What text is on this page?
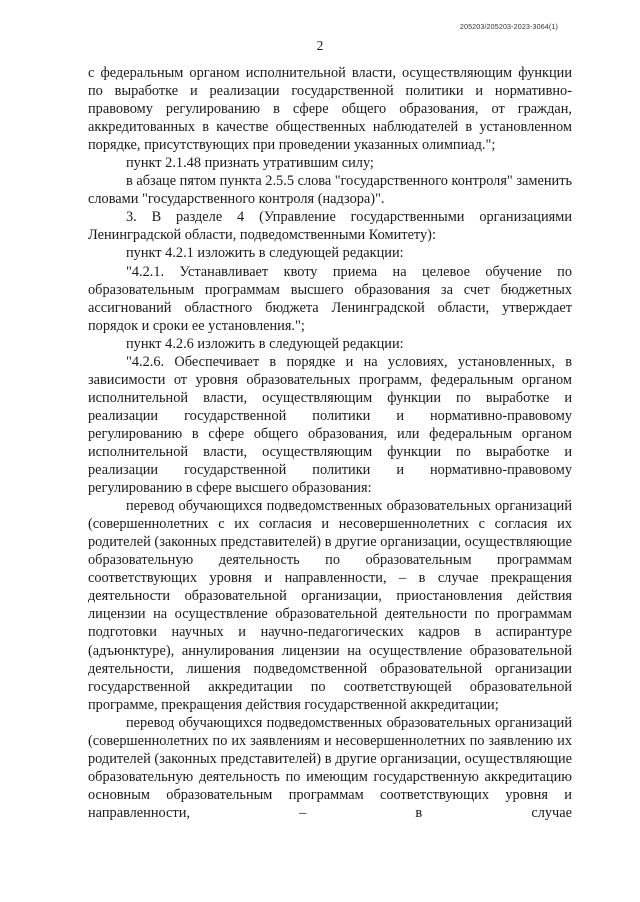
205203/205203-2023-3064(1)
2

с федеральным органом исполнительной власти, осуществляющим функции по выработке и реализации государственной политики и нормативно-правовому регулированию в сфере общего образования, от граждан, аккредитованных в качестве общественных наблюдателей в установленном порядке, присутствующих при проведении указанных олимпиад.";

пункт 2.1.48 признать утратившим силу;

в абзаце пятом пункта 2.5.5 слова "государственного контроля" заменить словами "государственного контроля (надзора)".

3. В разделе 4 (Управление государственными организациями Ленинградской области, подведомственными Комитету):

пункт 4.2.1 изложить в следующей редакции:

"4.2.1. Устанавливает квоту приема на целевое обучение по образовательным программам высшего образования за счет бюджетных ассигнований областного бюджета Ленинградской области, утверждает порядок и сроки ее установления.";

пункт 4.2.6 изложить в следующей редакции:

"4.2.6. Обеспечивает в порядке и на условиях, установленных, в зависимости от уровня образовательных программ, федеральным органом исполнительной власти, осуществляющим функции по выработке и реализации государственной политики и нормативно-правовому регулированию в сфере общего образования, или федеральным органом исполнительной власти, осуществляющим функции по выработке и реализации государственной политики и нормативно-правовому регулированию в сфере высшего образования:

перевод обучающихся подведомственных образовательных организаций (совершеннолетних с их согласия и несовершеннолетних с согласия их родителей (законных представителей) в другие организации, осуществляющие образовательную деятельность по образовательным программам соответствующих уровня и направленности, – в случае прекращения деятельности образовательной организации, приостановления действия лицензии на осуществление образовательной деятельности по программам подготовки научных и научно-педагогических кадров в аспирантуре (адъюнктуре), аннулирования лицензии на осуществление образовательной деятельности, лишения подведомственной образовательной организации государственной аккредитации по соответствующей образовательной программе, прекращения действия государственной аккредитации;

перевод обучающихся подведомственных образовательных организаций (совершеннолетних по их заявлениям и несовершеннолетних по заявлению их родителей (законных представителей) в другие организации, осуществляющие образовательную деятельность по имеющим государственную аккредитацию основным образовательным программам соответствующих уровня и направленности, – в случае
